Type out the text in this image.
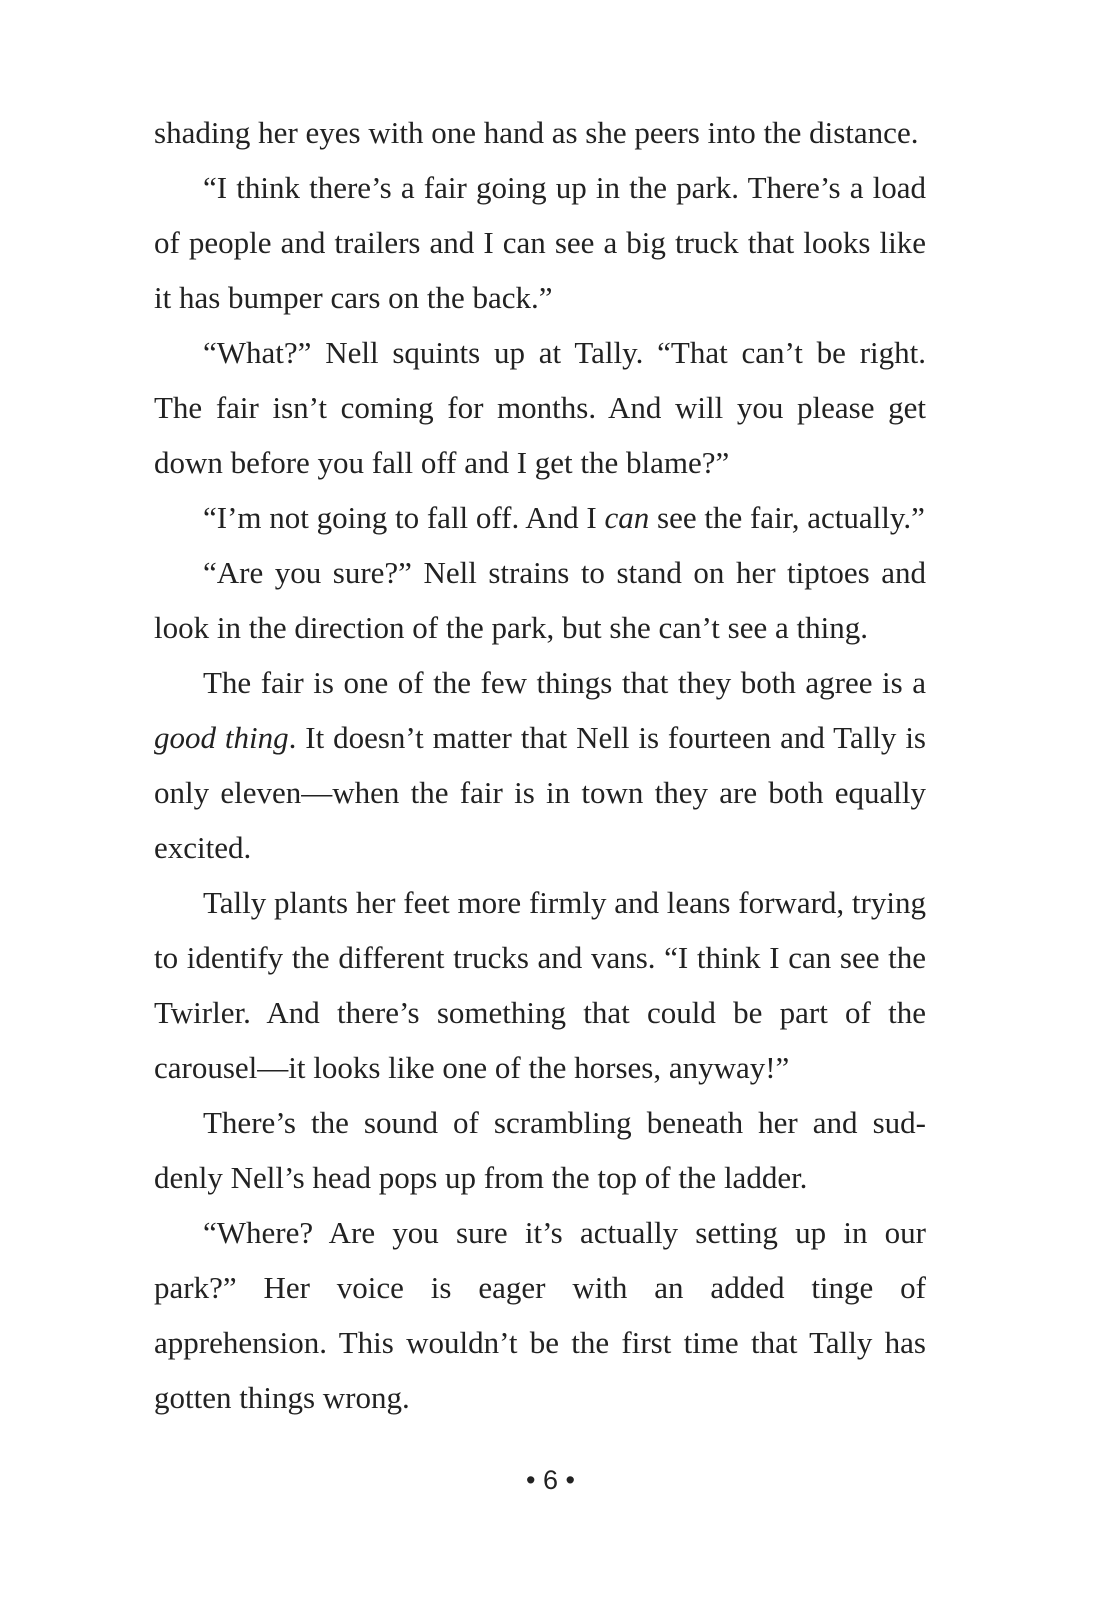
shading her eyes with one hand as she peers into the distance.

“I think there’s a fair going up in the park. There’s a load of people and trailers and I can see a big truck that looks like it has bumper cars on the back.”

“What?” Nell squints up at Tally. “That can’t be right. The fair isn’t coming for months. And will you please get down before you fall off and I get the blame?”

“I’m not going to fall off. And I can see the fair, actually.”

“Are you sure?” Nell strains to stand on her tiptoes and look in the direction of the park, but she can’t see a thing.

The fair is one of the few things that they both agree is a good thing. It doesn’t matter that Nell is fourteen and Tally is only eleven—when the fair is in town they are both equally excited.

Tally plants her feet more firmly and leans forward, trying to identify the different trucks and vans. “I think I can see the Twirler. And there’s something that could be part of the carousel—it looks like one of the horses, anyway!”

There’s the sound of scrambling beneath her and suddenly Nell’s head pops up from the top of the ladder.

“Where? Are you sure it’s actually setting up in our park?” Her voice is eager with an added tinge of apprehension. This wouldn’t be the first time that Tally has gotten things wrong.

• 6 •
